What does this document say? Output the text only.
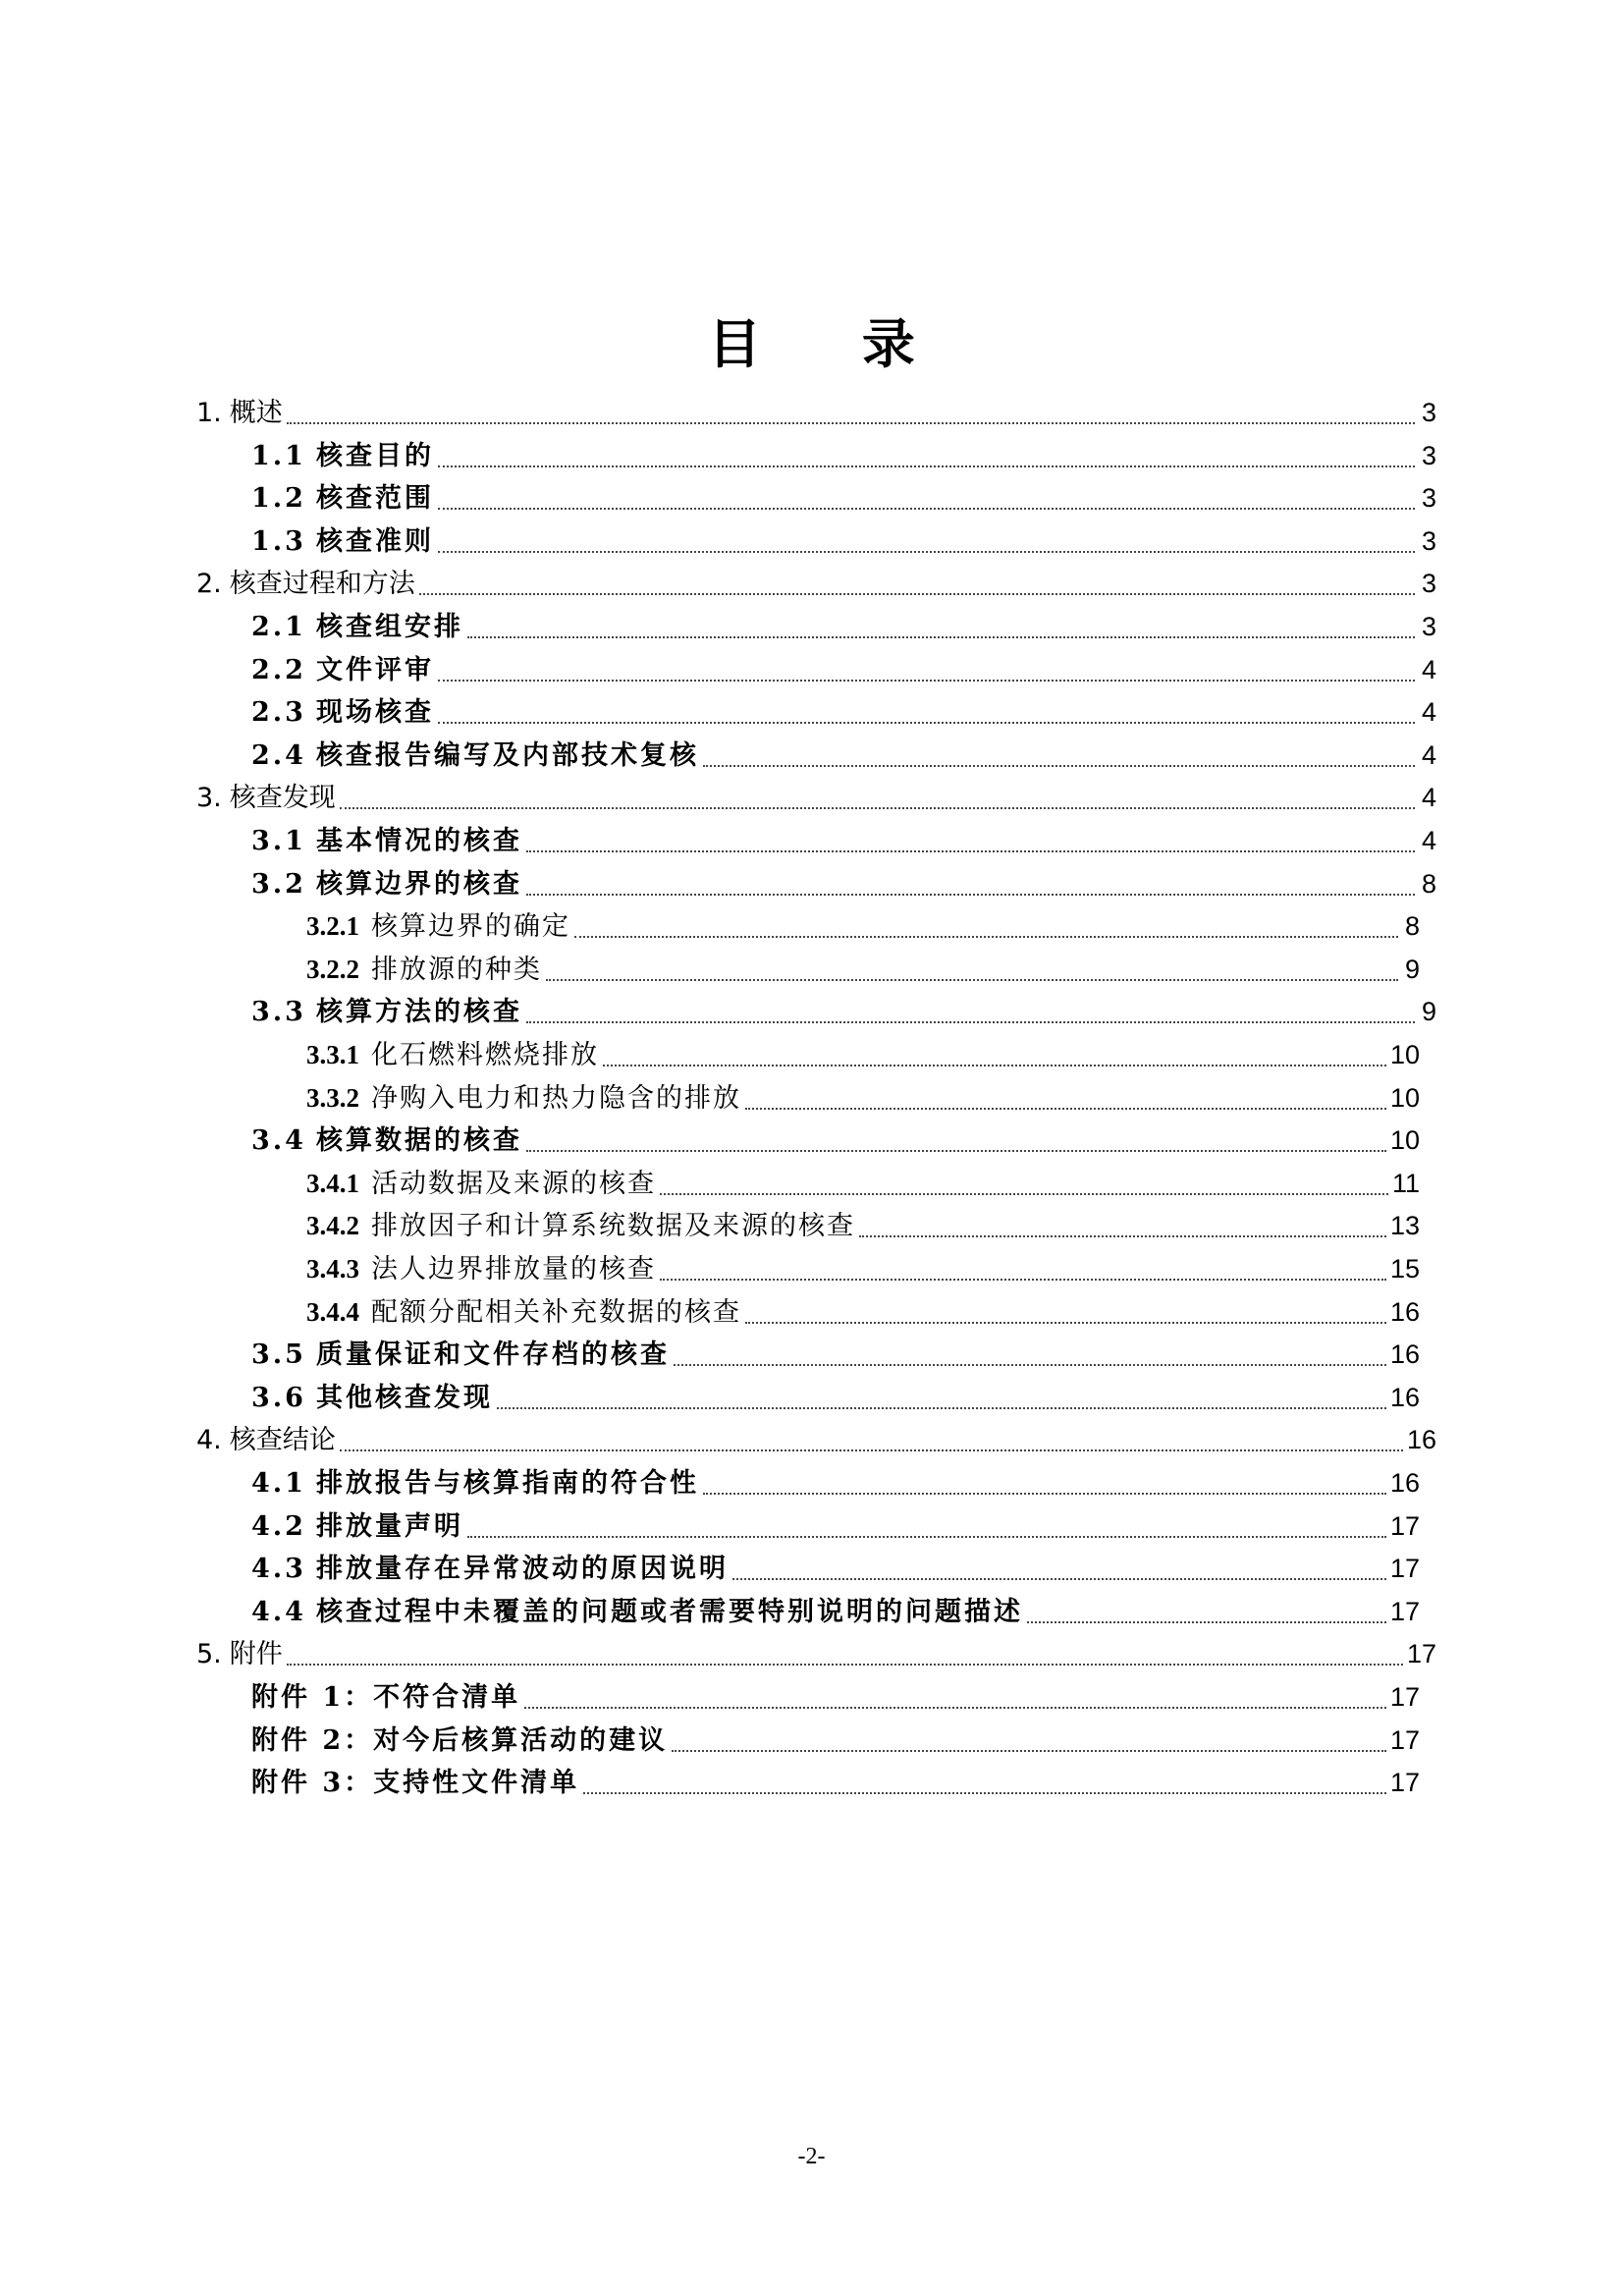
目 录
1. 概述	3
1.1 核查目的	3
1.2 核查范围	3
1.3 核查准则	3
2. 核查过程和方法	3
2.1 核查组安排	3
2.2 文件评审	4
2.3 现场核查	4
2.4 核查报告编写及内部技术复核	4
3. 核查发现	4
3.1 基本情况的核查	4
3.2 核算边界的核查	8
3.2.1 核算边界的确定	8
3.2.2 排放源的种类	9
3.3 核算方法的核查	9
3.3.1 化石燃料燃烧排放	10
3.3.2 净购入电力和热力隐含的排放	10
3.4 核算数据的核查	10
3.4.1 活动数据及来源的核查	11
3.4.2 排放因子和计算系统数据及来源的核查	13
3.4.3 法人边界排放量的核查	15
3.4.4 配额分配相关补充数据的核查	16
3.5 质量保证和文件存档的核查	16
3.6 其他核查发现	16
4. 核查结论	16
4.1 排放报告与核算指南的符合性	16
4.2 排放量声明	17
4.3 排放量存在异常波动的原因说明	17
4.4 核查过程中未覆盖的问题或者需要特别说明的问题描述	17
5. 附件	17
附件 1：不符合清单	17
附件 2：对今后核算活动的建议	17
附件 3：支持性文件清单	17
-2-
